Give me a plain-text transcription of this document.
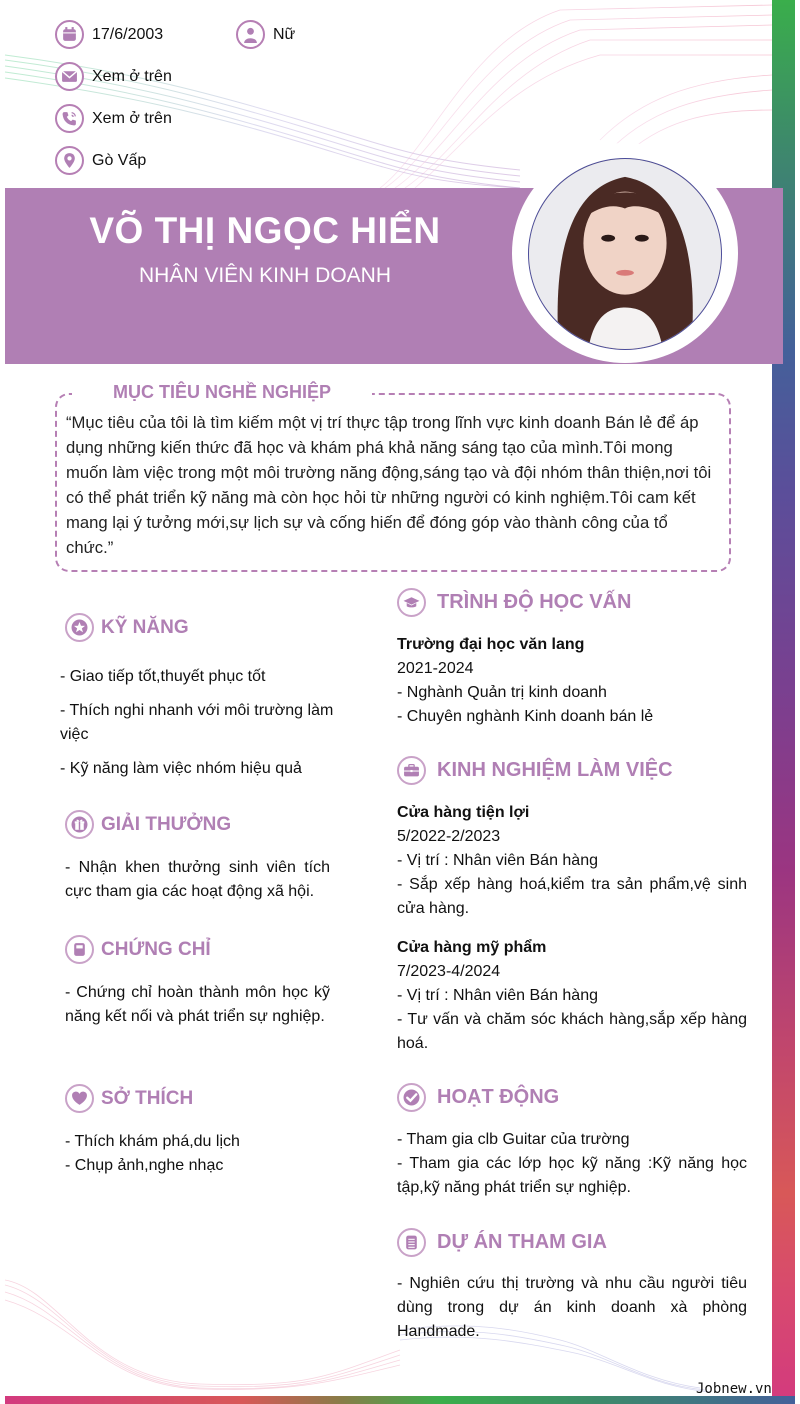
17/6/2003	Nữ
Xem ở trên
Xem ở trên
Gò Vấp
VÕ THỊ NGỌC HIỂN
NHÂN VIÊN KINH DOANH
MỤC TIÊU NGHỀ NGHIỆP
“Mục tiêu của tôi là tìm kiếm một vị trí thực tập trong lĩnh vực kinh doanh Bán lẻ để áp dụng những kiến thức đã học và khám phá khả năng sáng tạo của mình.Tôi mong muốn làm việc trong một môi trường năng động,sáng tạo và đội nhóm thân thiện,nơi tôi có thể phát triển kỹ năng mà còn học hỏi từ những người có kinh nghiệm.Tôi cam kết mang lại ý tưởng mới,sự lịch sự và cống hiến để đóng góp vào thành công của tổ chức.”
KỸ NĂNG
- Giao tiếp tốt,thuyết phục tốt
- Thích nghi nhanh với môi trường làm việc
- Kỹ năng làm việc nhóm hiệu quả
GIẢI THƯỞNG
- Nhận khen thưởng sinh viên tích cực tham gia các hoạt động xã hội.
CHỨNG CHỈ
- Chứng chỉ hoàn thành môn học kỹ năng kết nối và phát triển sự nghiệp.
SỞ THÍCH
- Thích khám phá,du lịch
- Chụp ảnh,nghe nhạc
TRÌNH ĐỘ HỌC VẤN
Trường đại học văn lang
2021-2024
- Nghành Quản trị kinh doanh
- Chuyên nghành Kinh doanh bán lẻ
KINH NGHIỆM LÀM VIỆC
Cửa hàng tiện lợi
5/2022-2/2023
- Vị trí : Nhân viên Bán hàng
- Sắp xếp hàng hoá,kiểm tra sản phẩm,vệ sinh cửa hàng.
Cửa hàng mỹ phẩm
7/2023-4/2024
- Vị trí : Nhân viên Bán hàng
- Tư vấn và chăm sóc khách hàng,sắp xếp hàng hoá.
HOẠT ĐỘNG
- Tham gia clb Guitar của trường
- Tham gia các lớp học kỹ năng :Kỹ năng học tập,kỹ năng phát triển sự nghiệp.
DỰ ÁN THAM GIA
- Nghiên cứu thị trường và nhu cầu người tiêu dùng trong dự án kinh doanh xà phòng Handmade.
Jobnew.vn
